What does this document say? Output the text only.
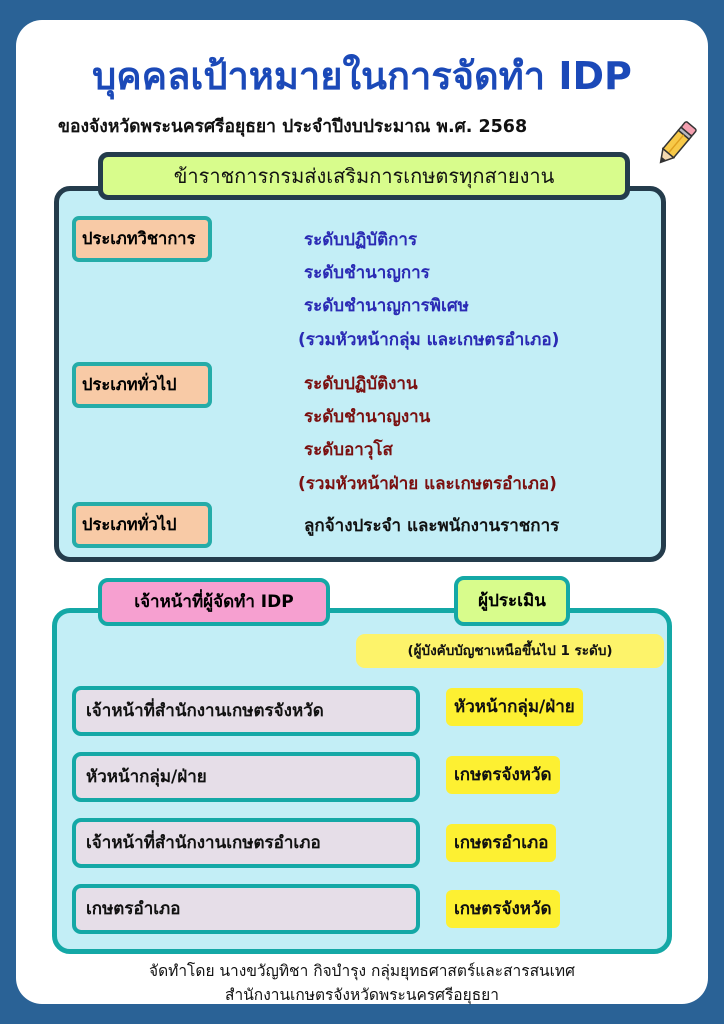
บุคคลเป้าหมายในการจัดทำ IDP
ของจังหวัดพระนครศรีอยุธยา ประจำปีงบประมาณ พ.ศ. 2568
ข้าราชการกรมส่งเสริมการเกษตรทุกสายงาน
ประเภทวิชาการ	ระดับปฏิบัติการ
ระดับชำนาญการ
ระดับชำนาญการพิเศษ
(รวมหัวหน้ากลุ่ม และเกษตรอำเภอ)
ประเภททั่วไป	ระดับปฏิบัติงาน
ระดับชำนาญงาน
ระดับอาวุโส
(รวมหัวหน้าฝ่าย และเกษตรอำเภอ)
ประเภททั่วไป	ลูกจ้างประจำ และพนักงานราชการ
เจ้าหน้าที่ผู้จัดทำ IDP	ผู้ประเมิน
(ผู้บังคับบัญชาเหนือขึ้นไป 1 ระดับ)
เจ้าหน้าที่สำนักงานเกษตรจังหวัด	หัวหน้ากลุ่ม/ฝ่าย
หัวหน้ากลุ่ม/ฝ่าย	เกษตรจังหวัด
เจ้าหน้าที่สำนักงานเกษตรอำเภอ	เกษตรอำเภอ
เกษตรอำเภอ	เกษตรจังหวัด
จัดทำโดย นางขวัญทิชา กิจบำรุง กลุ่มยุทธศาสตร์และสารสนเทศ
สำนักงานเกษตรจังหวัดพระนครศรีอยุธยา
